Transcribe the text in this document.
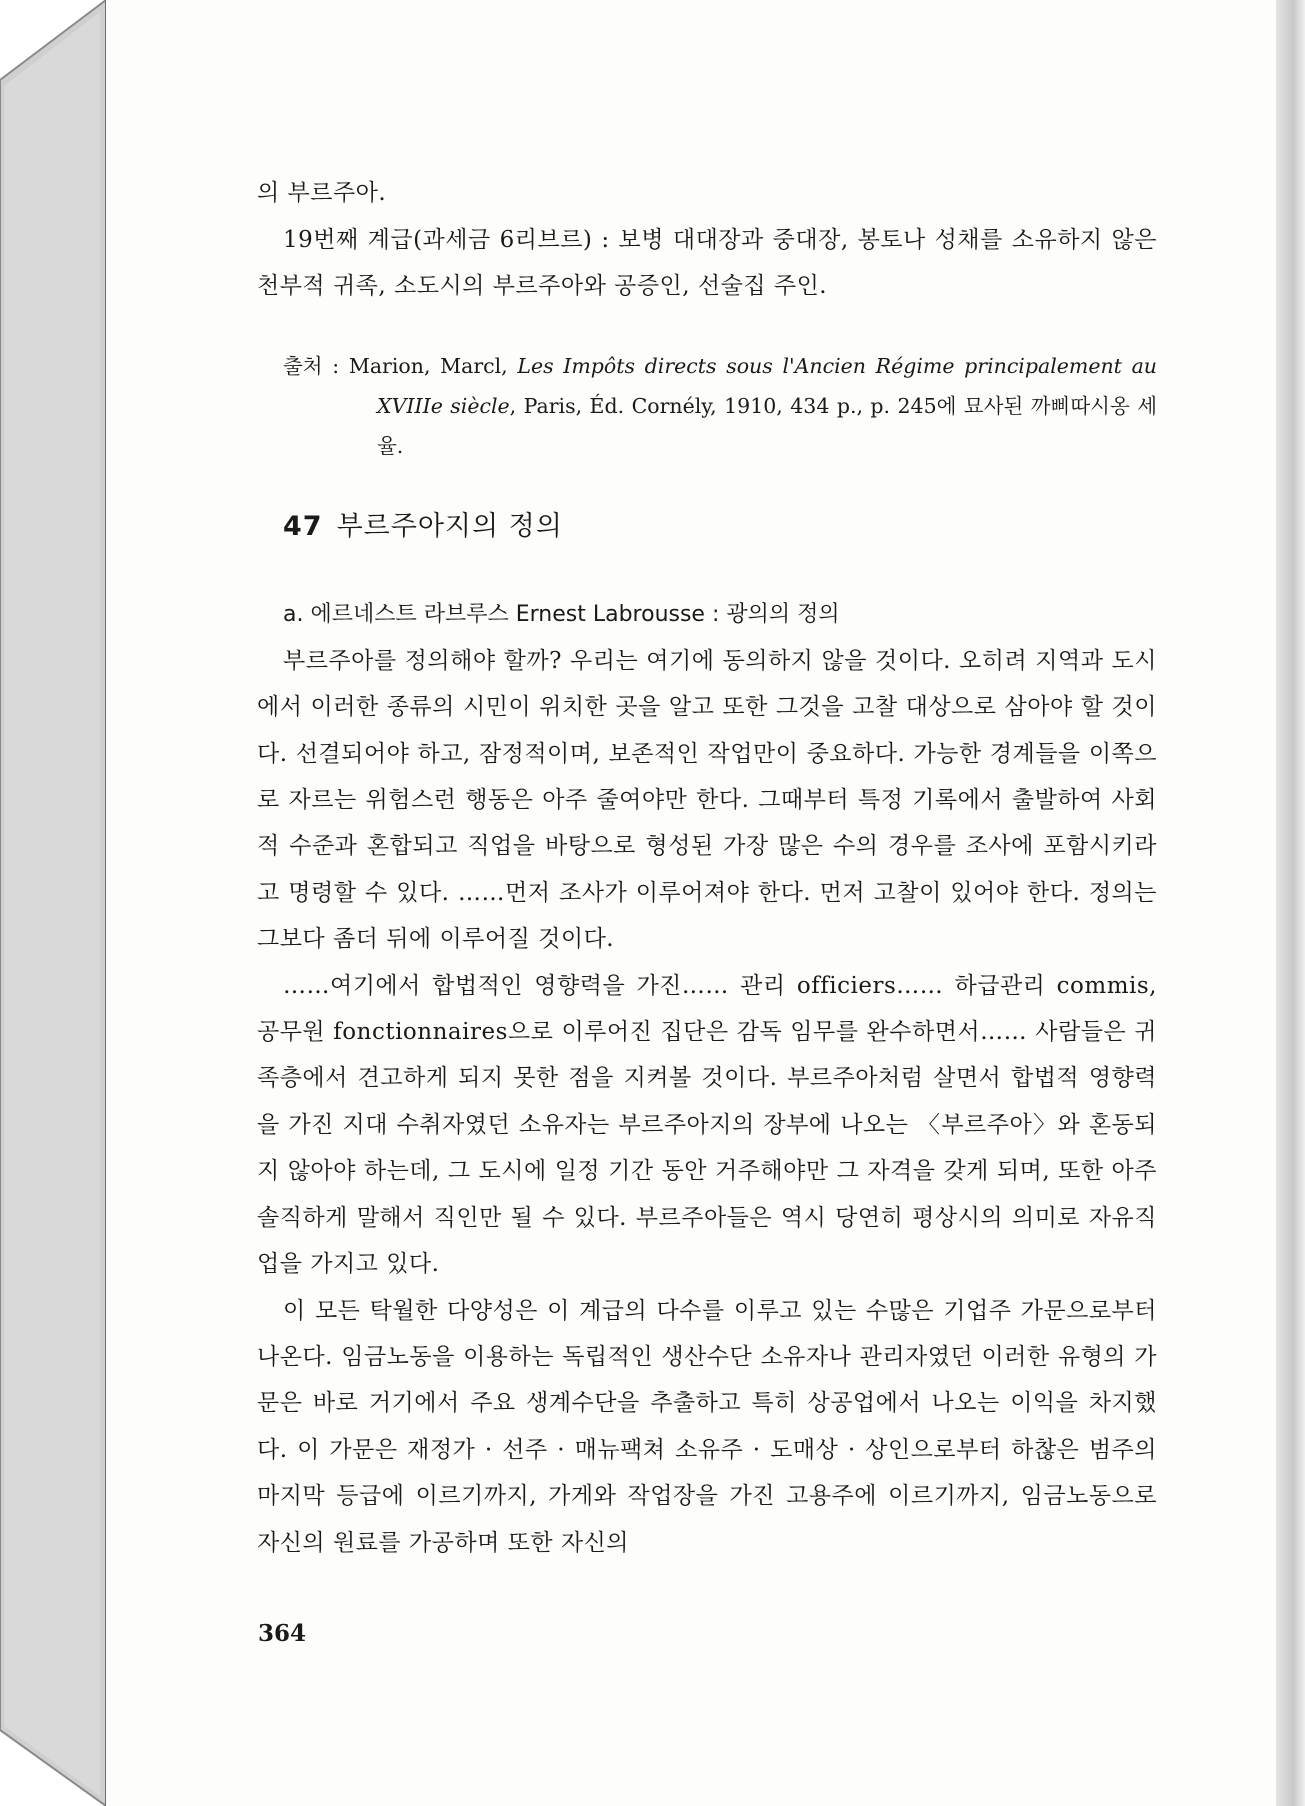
의 부르주아.

19번째 계급(과세금 6리브르) : 보병 대대장과 중대장, 봉토나 성채를 소유하지 않은 천부적 귀족, 소도시의 부르주아와 공증인, 선술집 주인.

출처 : Marion, Marcl, Les Impôts directs sous l'Ancien Régime principalement au XVIIIe siècle, Paris, Éd. Cornély, 1910, 434 p., p. 245에 묘사된 까삐따시옹 세율.

47 부르주아지의 정의

a. 에르네스트 라브루스 Ernest Labrousse : 광의의 정의

부르주아를 정의해야 할까? 우리는 여기에 동의하지 않을 것이다. 오히려 지역과 도시에서 이러한 종류의 시민이 위치한 곳을 알고 또한 그것을 고찰 대상으로 삼아야 할 것이다. 선결되어야 하고, 잠정적이며, 보존적인 작업만이 중요하다. 가능한 경계들을 이쪽으로 자르는 위험스런 행동은 아주 줄여야만 한다. 그때부터 특정 기록에서 출발하여 사회적 수준과 혼합되고 직업을 바탕으로 형성된 가장 많은 수의 경우를 조사에 포함시키라고 명령할 수 있다. ……먼저 조사가 이루어져야 한다. 먼저 고찰이 있어야 한다. 정의는 그보다 좀더 뒤에 이루어질 것이다.

……여기에서 합법적인 영향력을 가진…… 관리 officiers…… 하급관리 commis, 공무원 fonctionnaires으로 이루어진 집단은 감독 임무를 완수하면서…… 사람들은 귀족층에서 견고하게 되지 못한 점을 지켜볼 것이다. 부르주아처럼 살면서 합법적 영향력을 가진 지대 수취자였던 소유자는 부르주아지의 장부에 나오는 〈부르주아〉와 혼동되지 않아야 하는데, 그 도시에 일정 기간 동안 거주해야만 그 자격을 갖게 되며, 또한 아주 솔직하게 말해서 직인만 될 수 있다. 부르주아들은 역시 당연히 평상시의 의미로 자유직업을 가지고 있다.

이 모든 탁월한 다양성은 이 계급의 다수를 이루고 있는 수많은 기업주 가문으로부터 나온다. 임금노동을 이용하는 독립적인 생산수단 소유자나 관리자였던 이러한 유형의 가문은 바로 거기에서 주요 생계수단을 추출하고 특히 상공업에서 나오는 이익을 차지했다. 이 가문은 재정가 · 선주 · 매뉴팩쳐 소유주 · 도매상 · 상인으로부터 하찮은 범주의 마지막 등급에 이르기까지, 가게와 작업장을 가진 고용주에 이르기까지, 임금노동으로 자신의 원료를 가공하며 또한 자신의

364
